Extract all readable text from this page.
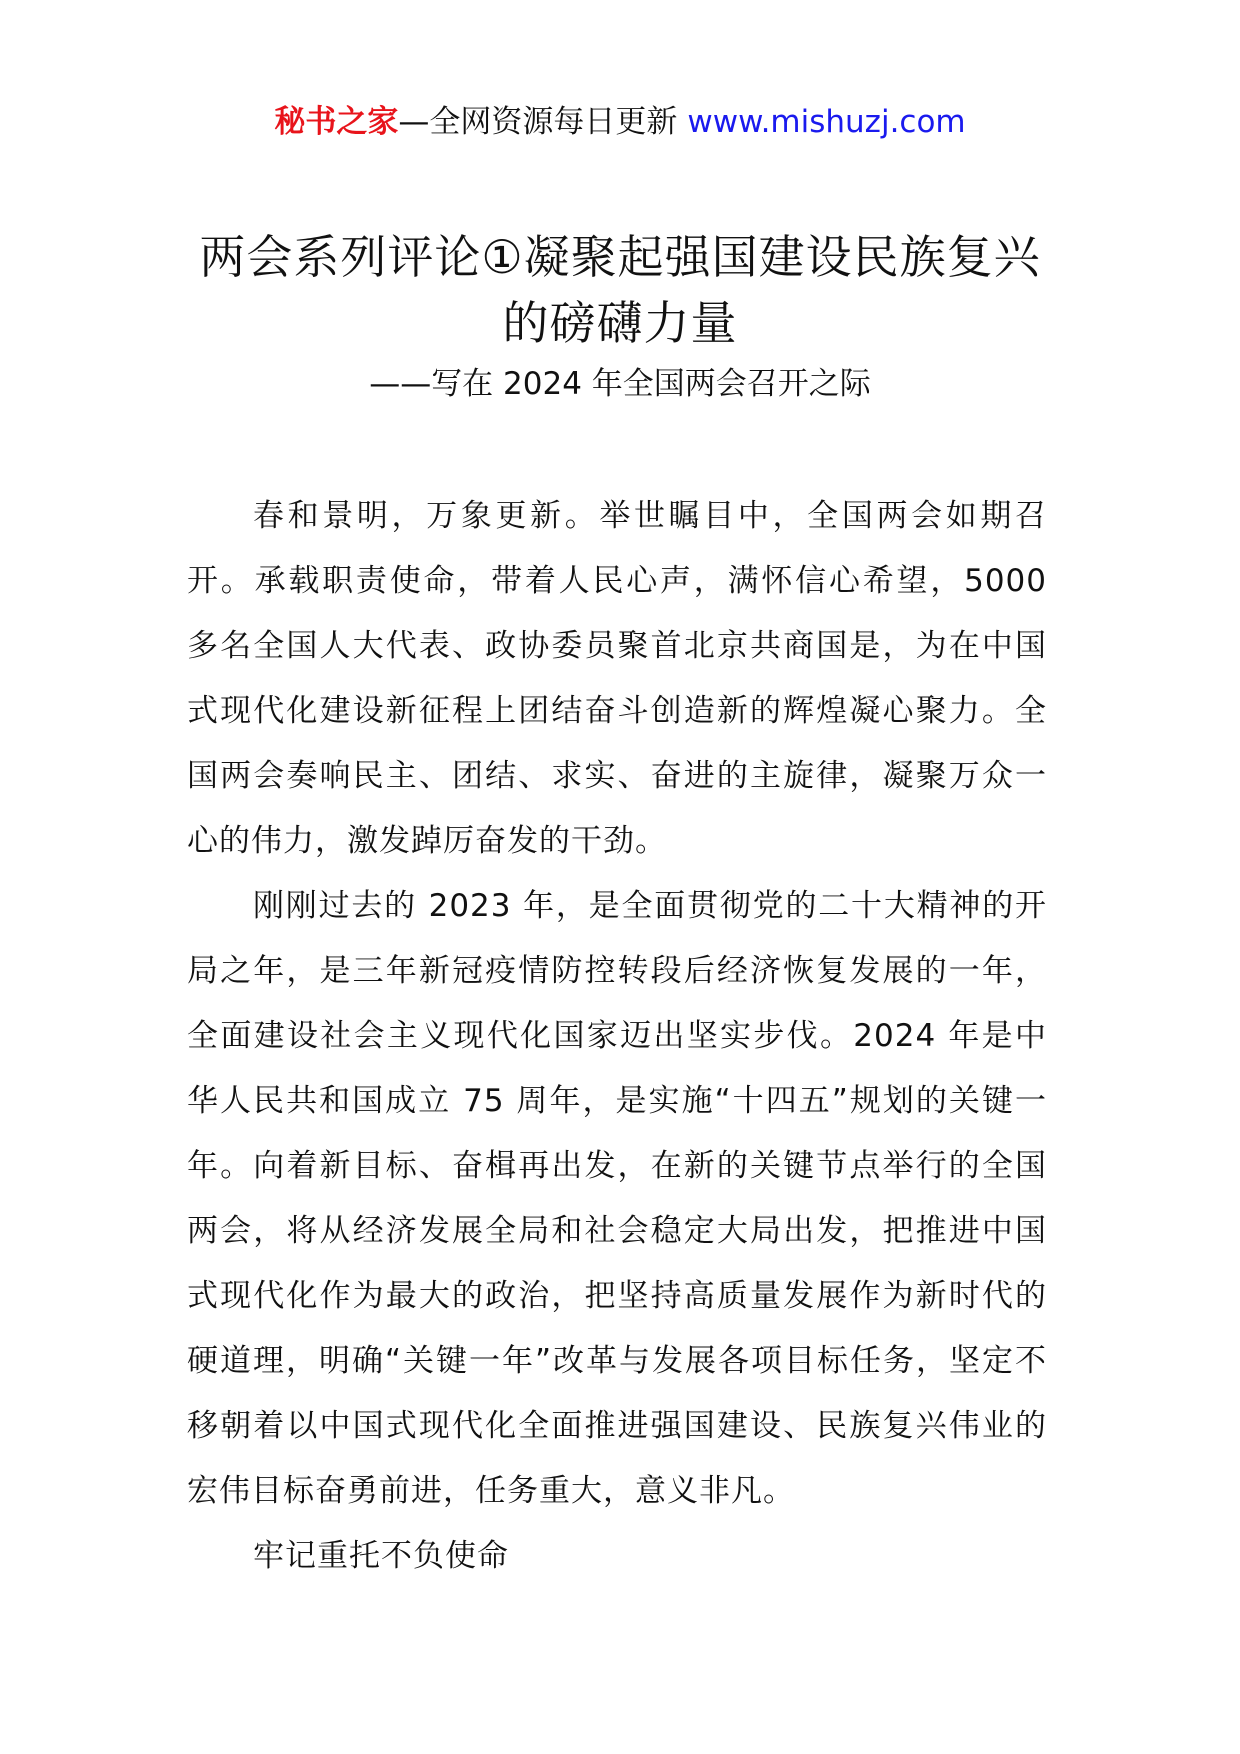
秘书之家—全网资源每日更新 www.mishuzj.com
两会系列评论①凝聚起强国建设民族复兴
的磅礴力量
——写在 2024 年全国两会召开之际

春和景明，万象更新。举世瞩目中，全国两会如期召开。承载职责使命，带着人民心声，满怀信心希望，5000 多名全国人大代表、政协委员聚首北京共商国是，为在中国式现代化建设新征程上团结奋斗创造新的辉煌凝心聚力。全国两会奏响民主、团结、求实、奋进的主旋律，凝聚万众一心的伟力，激发踔厉奋发的干劲。

刚刚过去的 2023 年，是全面贯彻党的二十大精神的开局之年，是三年新冠疫情防控转段后经济恢复发展的一年，全面建设社会主义现代化国家迈出坚实步伐。2024 年是中华人民共和国成立 75 周年，是实施“十四五”规划的关键一年。向着新目标、奋楫再出发，在新的关键节点举行的全国两会，将从经济发展全局和社会稳定大局出发，把推进中国式现代化作为最大的政治，把坚持高质量发展作为新时代的硬道理，明确“关键一年”改革与发展各项目标任务，坚定不移朝着以中国式现代化全面推进强国建设、民族复兴伟业的宏伟目标奋勇前进，任务重大，意义非凡。

牢记重托不负使命
